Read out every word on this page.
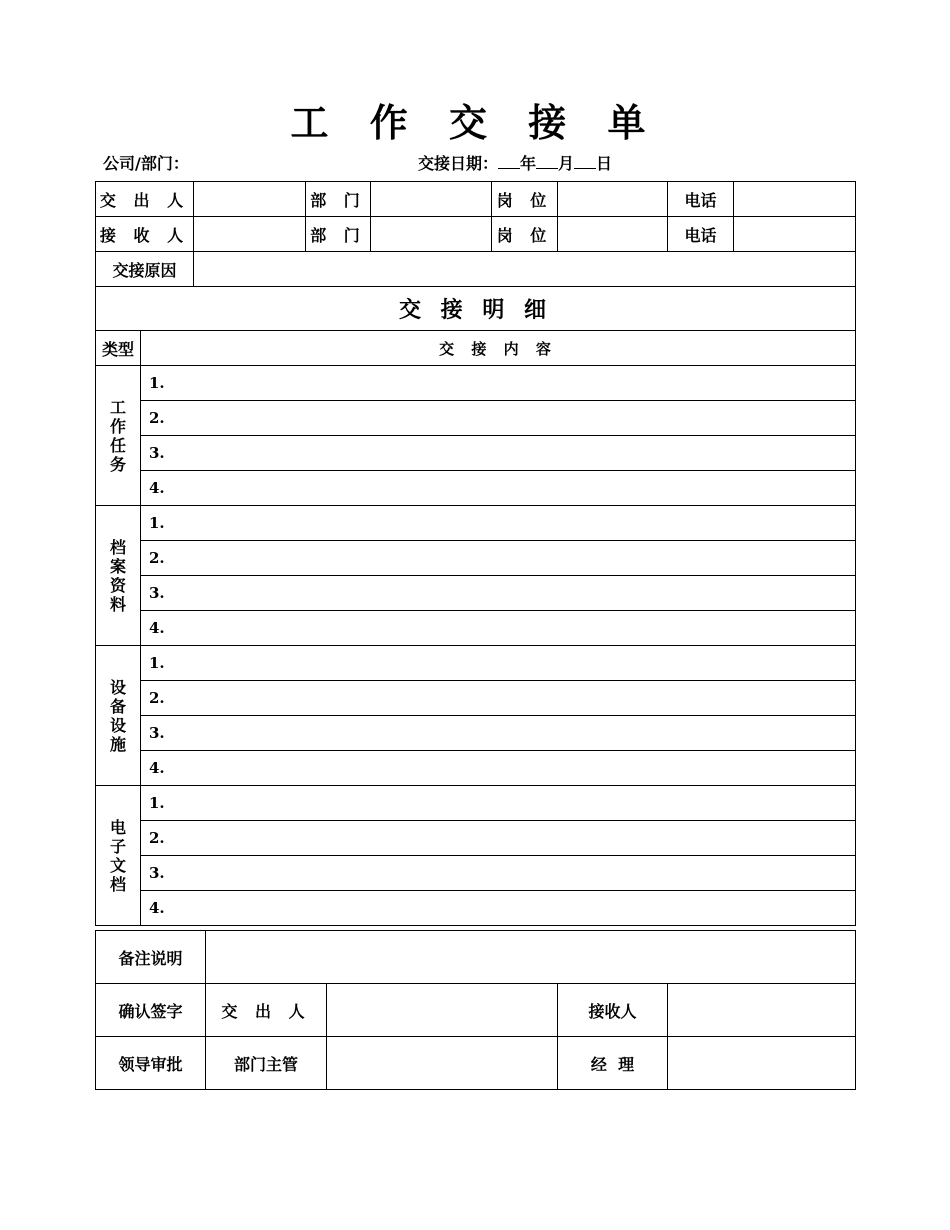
工 作 交 接 单
公司/部门：	交接日期： 年 月 日
交 出 人			部 门		岗 位		电话	
接 收 人			部 门		岗 位		电话	
交接原因								
交 接 明 细								
类型	交 接 内 容							
工作任务	1.							
	2.							
	3.							
	4.							
档案资料	1.							
	2.							
	3.							
	4.							
设备设施	1.							
	2.							
	3.							
	4.							
电子文档	1.							
	2.							
	3.							
	4.							
备注说明				
确认签字	交 出 人		接收人	
领导审批	部门主管		经  理	
